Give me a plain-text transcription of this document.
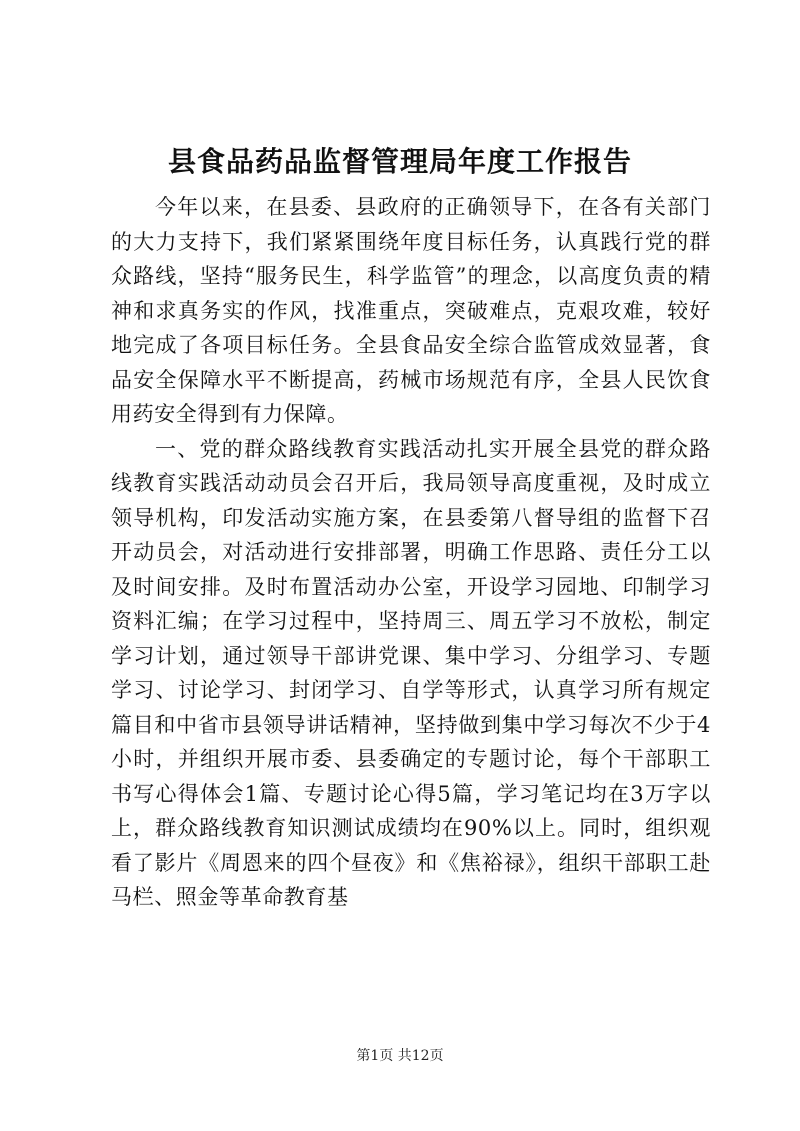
县食品药品监督管理局年度工作报告

今年以来，在县委、县政府的正确领导下，在各有关部门的大力支持下，我们紧紧围绕年度目标任务，认真践行党的群众路线，坚持“服务民生，科学监管”的理念，以高度负责的精神和求真务实的作风，找准重点，突破难点，克艰攻难，较好地完成了各项目标任务。全县食品安全综合监管成效显著，食品安全保障水平不断提高，药械市场规范有序，全县人民饮食用药安全得到有力保障。

一、党的群众路线教育实践活动扎实开展全县党的群众路线教育实践活动动员会召开后，我局领导高度重视，及时成立领导机构，印发活动实施方案，在县委第八督导组的监督下召开动员会，对活动进行安排部署，明确工作思路、责任分工以及时间安排。及时布置活动办公室，开设学习园地、印制学习资料汇编；在学习过程中，坚持周三、周五学习不放松，制定学习计划，通过领导干部讲党课、集中学习、分组学习、专题学习、讨论学习、封闭学习、自学等形式，认真学习所有规定篇目和中省市县领导讲话精神，坚持做到集中学习每次不少于4小时，并组织开展市委、县委确定的专题讨论，每个干部职工书写心得体会1篇、专题讨论心得5篇，学习笔记均在3万字以上，群众路线教育知识测试成绩均在90%以上。同时，组织观看了影片《周恩来的四个昼夜》和《焦裕禄》，组织干部职工赴马栏、照金等革命教育基

第1页 共12页
